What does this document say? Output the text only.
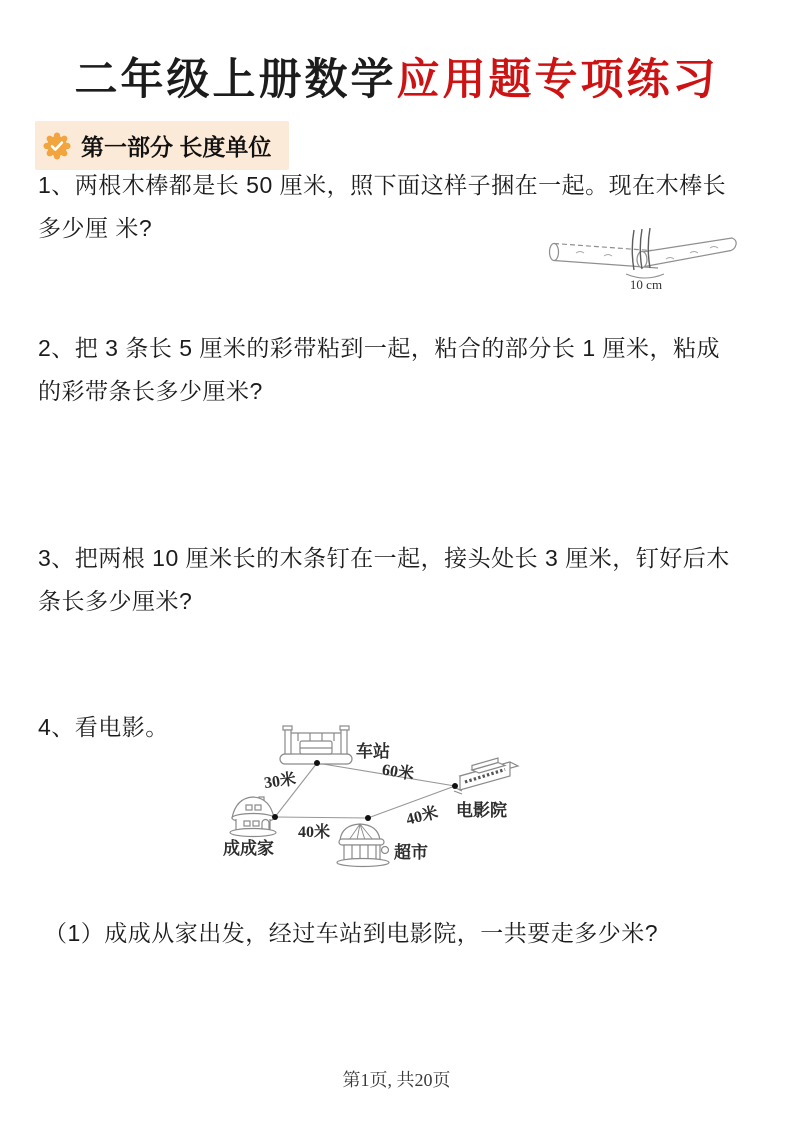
二年级上册数学应用题专项练习
第一部分 长度单位

1、两根木棒都是长 50 厘米，照下面这样子捆在一起。现在木棒长
多少厘 米?

10 cm

2、把 3 条长 5 厘米的彩带粘到一起，粘合的部分长 1 厘米，粘成
的彩带条长多少厘米?

3、把两根 10 厘米长的木条钉在一起，接头处长 3 厘米，钉好后木
条长多少厘米?

4、看电影。

车站
电影院
成成家	超市
30米	60米
40米
40米

（1）成成从家出发，经过车站到电影院，一共要走多少米?

第1页, 共20页
